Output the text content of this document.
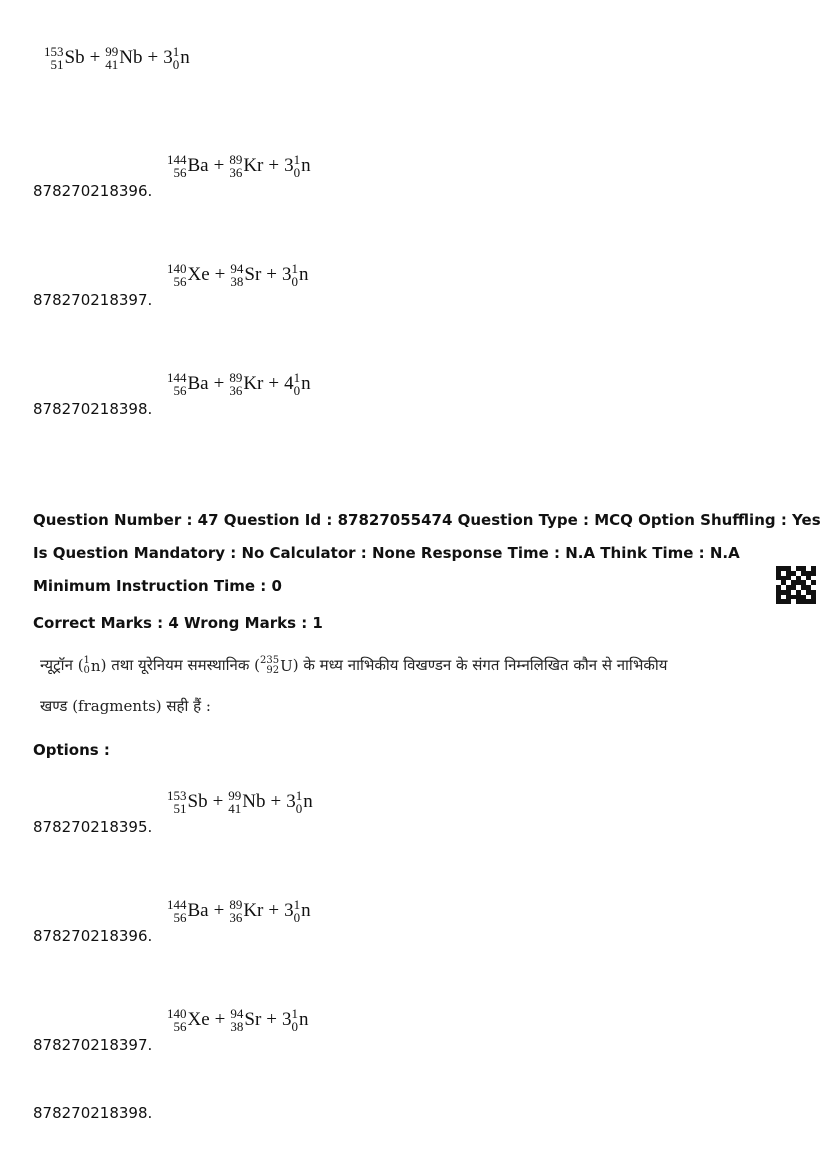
153
51 Sb + 99
41 Nb + 3 1
0 n
878270218396.
144
56 Ba + 89
36 Kr + 3 1
0 n
878270218397.
140
56 Xe + 94
38 Sr + 3 1
0 n
878270218398.
144
56 Ba + 89
36 Kr + 4 1
0 n
Question Number : 47 Question Id : 87827055474 Question Type : MCQ Option Shuffling : Yes
Is Question Mandatory : No Calculator : None Response Time : N.A Think Time : N.A
Minimum Instruction Time : 0
Correct Marks : 4 Wrong Marks : 1
न्यूट्रॉन ( 1
0 n) तथा यूरेनियम समस्थानिक ( 235
92 U) के मध्य नाभिकीय विखण्डन के संगत निम्नलिखित कौन से नाभिकीय
खण्ड (fragments) सही हैं :
Options :
878270218395.
153
51 Sb + 99
41 Nb + 3 1
0 n
878270218396.
144
56 Ba + 89
36 Kr + 3 1
0 n
878270218397.
140
56 Xe + 94
38 Sr + 3 1
0 n
878270218398.
